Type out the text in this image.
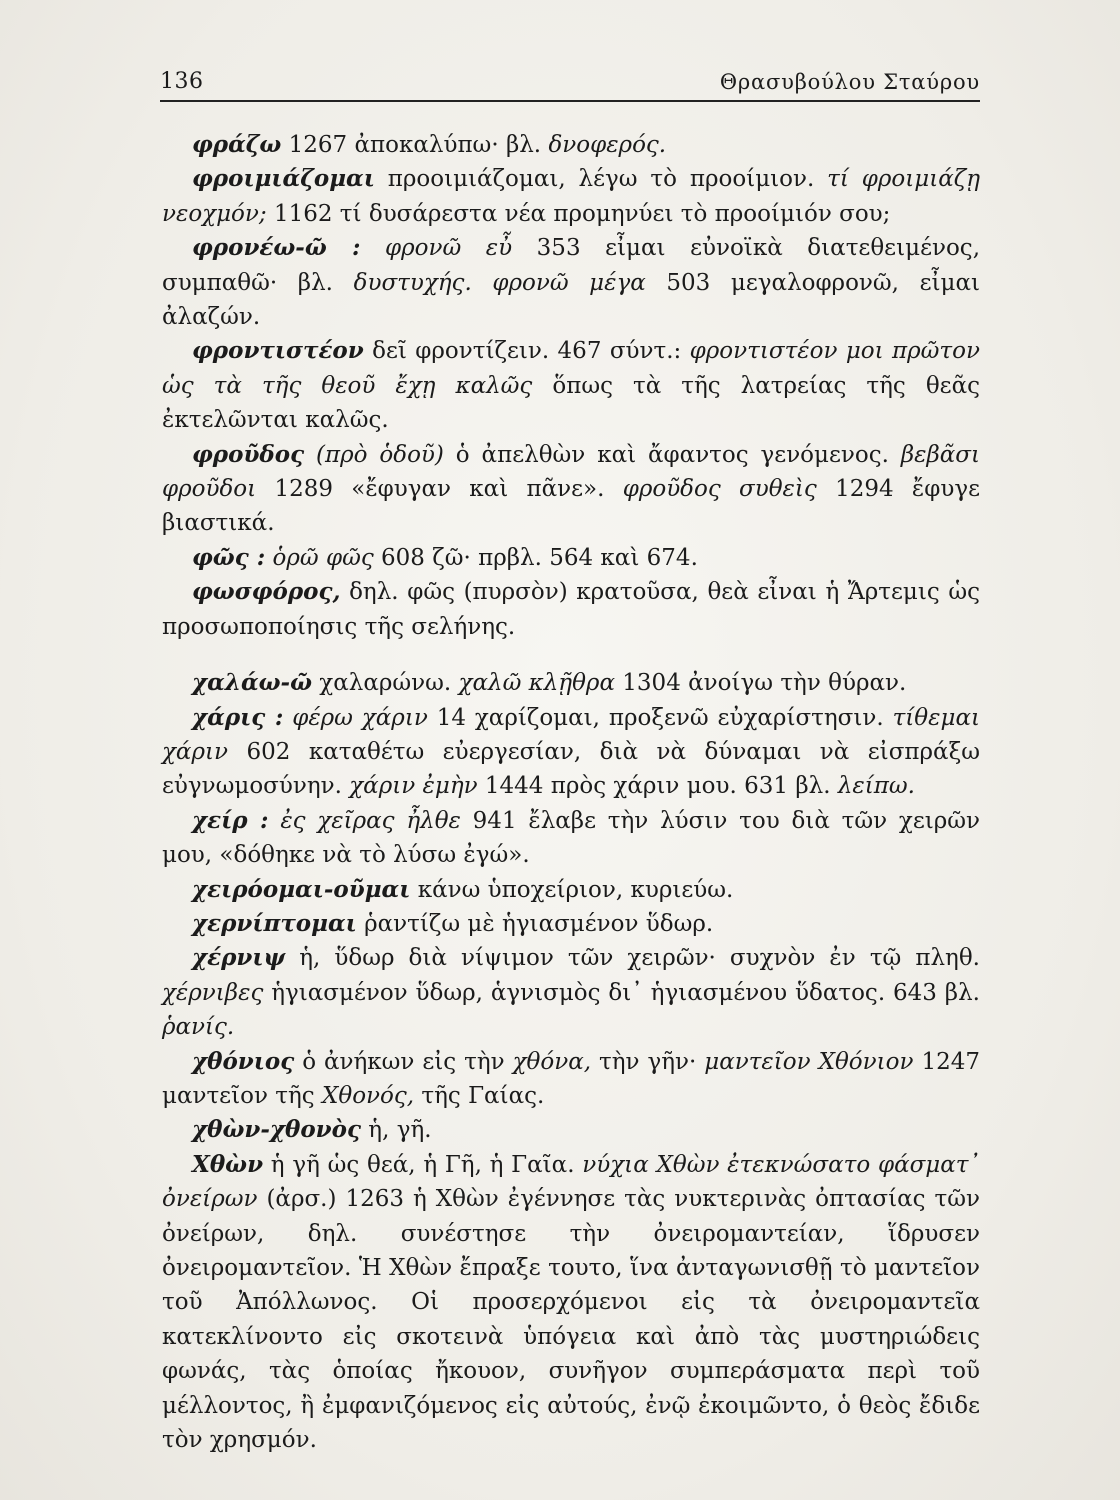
136	Θρασυβούλου Σταύρου

φράζω 1267 ἀποκαλύπω· βλ. δνοφερός.

φροιμιάζομαι προοιμιάζομαι, λέγω τὸ προοίμιον. τί φροιμιάζῃ νεοχμόν; 1162 τί δυσάρεστα νέα προμηνύει τὸ προοίμιόν σου;

φρονέω-ῶ : φρονῶ εὖ 353 εἶμαι εὐνοϊκὰ διατεθειμένος, συμπαθῶ· βλ. δυστυχής. φρονῶ μέγα 503 μεγαλοφρονῶ, εἶμαι ἀλαζών.

φροντιστέον δεῖ φροντίζειν. 467 σύντ.: φροντιστέον μοι πρῶτον ὡς τὰ τῆς θεοῦ ἔχῃ καλῶς ὅπως τὰ τῆς λατρείας τῆς θεᾶς ἐκτελῶνται καλῶς.

φροῦδος (πρὸ ὁδοῦ) ὁ ἀπελθὼν καὶ ἄφαντος γενόμενος. βεβᾶσι φροῦδοι 1289 «ἔφυγαν καὶ πᾶνε». φροῦδος συθεὶς 1294 ἔφυγε βιαστικά.

φῶς : ὁρῶ φῶς 608 ζῶ· πρβλ. 564 καὶ 674.

φωσφόρος, δηλ. φῶς (πυρσὸν) κρατοῦσα, θεὰ εἶναι ἡ Ἄρτεμις ὡς προσωποποίησις τῆς σελήνης.

χαλάω-ῶ χαλαρώνω. χαλῶ κλῇθρα 1304 ἀνοίγω τὴν θύραν.

χάρις : φέρω χάριν 14 χαρίζομαι, προξενῶ εὐχαρίστησιν. τίθεμαι χάριν 602 καταθέτω εὐεργεσίαν, διὰ νὰ δύναμαι νὰ εἰσπράξω εὐγνωμοσύνην. χάριν ἐμὴν 1444 πρὸς χάριν μου. 631 βλ. λείπω.

χείρ : ἐς χεῖρας ἦλθε 941 ἔλαβε τὴν λύσιν του διὰ τῶν χειρῶν μου, «δόθηκε νὰ τὸ λύσω ἐγώ».

χειρόομαι-οῦμαι κάνω ὑποχείριον, κυριεύω.

χερνίπτομαι ῥαντίζω μὲ ἡγιασμένον ὕδωρ.

χέρνιψ ἡ, ὕδωρ διὰ νίψιμον τῶν χειρῶν· συχνὸν ἐν τῷ πληθ. χέρνιβες ἡγιασμένον ὕδωρ, ἁγνισμὸς δι᾽ ἡγιασμένου ὕδατος. 643 βλ. ῥανίς.

χθόνιος ὁ ἀνήκων εἰς τὴν χθόνα, τὴν γῆν· μαντεῖον Χθόνιον 1247 μαντεῖον τῆς Χθονός, τῆς Γαίας.

χθὼν-χθονὸς ἡ, γῆ.

Χθὼν ἡ γῆ ὡς θεά, ἡ Γῆ, ἡ Γαῖα. νύχια Χθὼν ἐτεκνώσατο φάσματ᾽ ὀνείρων (ἀρσ.) 1263 ἡ Χθὼν ἐγέννησε τὰς νυκτερινὰς ὀπτασίας τῶν ὀνείρων, δηλ. συνέστησε τὴν ὀνειρομαντείαν, ἵδρυσεν ὀνειρομαντεῖον. Ἡ Χθὼν ἔπραξε τουτο, ἵνα ἀνταγωνισθῇ τὸ μαντεῖον τοῦ Ἀπόλλωνος. Οἱ προσερχόμενοι εἰς τὰ ὀνειρομαντεῖα κατεκλίνοντο εἰς σκοτεινὰ ὑπόγεια καὶ ἀπὸ τὰς μυστηριώδεις φωνάς, τὰς ὁποίας ἤκουον, συνῆγον συμπεράσματα περὶ τοῦ μέλλοντος, ἢ ἐμφανιζόμενος εἰς αὐτούς, ἐνῷ ἐκοιμῶντο, ὁ θεὸς ἔδιδε τὸν χρησμόν.
